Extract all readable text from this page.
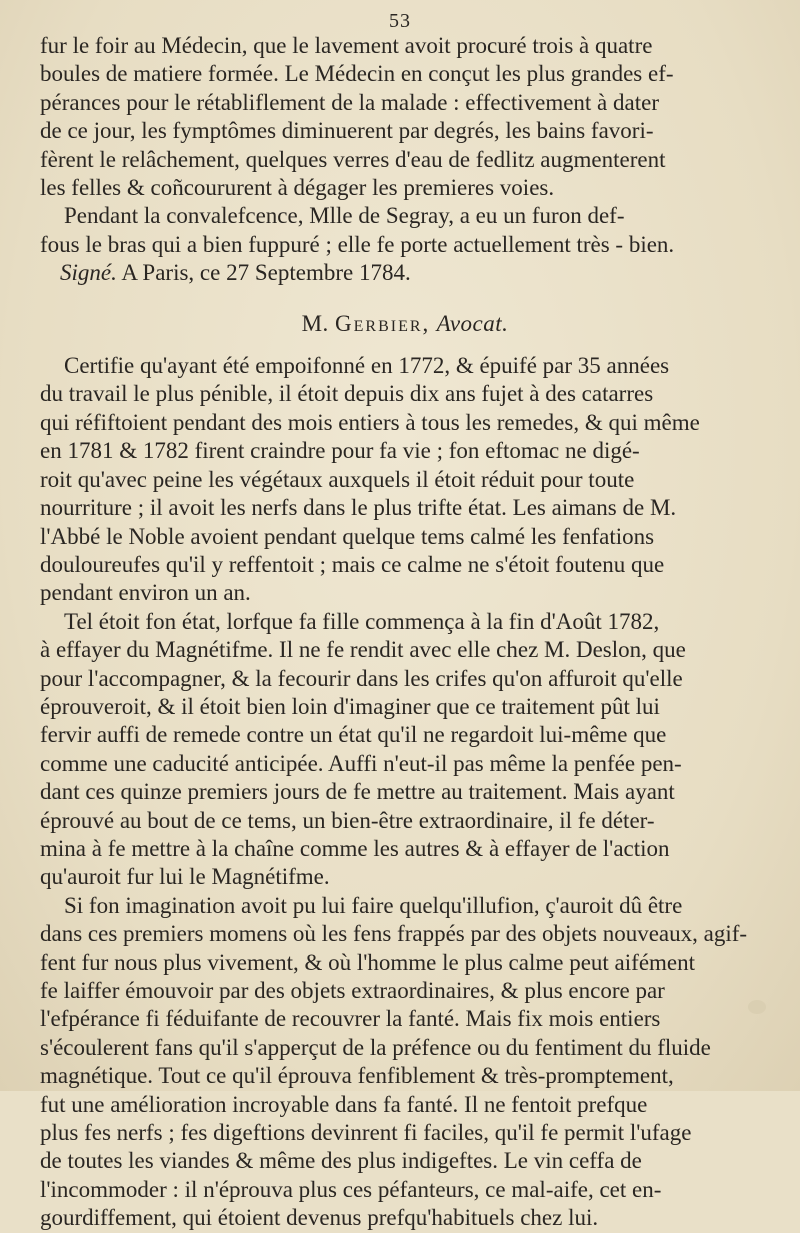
53

fur le foir au Médecin, que le lavement avoit procuré trois à quatre
boules de matiere formée. Le Médecin en conçut les plus grandes ef-
pérances pour le rétabliflement de la malade : effectivement à dater
de ce jour, les fymptômes diminuerent par degrés, les bains favori-
fèrent le relâchement, quelques verres d'eau de fedlitz augmenterent
les felles & coñcoururent à dégager les premieres voies.

Pendant la convalefcence, Mlle de Segray, a eu un furon def-
fous le bras qui a bien fuppuré ; elle fe porte actuellement très - bien.
Signé. A Paris, ce 27 Septembre 1784.

M. Gerbier, Avocat.

Certifie qu'ayant été empoifonné en 1772, & épuifé par 35 années
du travail le plus pénible, il étoit depuis dix ans fujet à des catarres
qui réfiftoient pendant des mois entiers à tous les remedes, & qui même
en 1781 & 1782 firent craindre pour fa vie ; fon eftomac ne digé-
roit qu'avec peine les végétaux auxquels il étoit réduit pour toute
nourriture ; il avoit les nerfs dans le plus trifte état. Les aimans de M.
l'Abbé le Noble avoient pendant quelque tems calmé les fenfations
douloureufes qu'il y reffentoit ; mais ce calme ne s'étoit foutenu que
pendant environ un an.

Tel étoit fon état, lorfque fa fille commença à la fin d'Août 1782,
à effayer du Magnétifme. Il ne fe rendit avec elle chez M. Deslon, que
pour l'accompagner, & la fecourir dans les crifes qu'on affuroit qu'elle
éprouveroit, & il étoit bien loin d'imaginer que ce traitement pût lui
fervir auffi de remede contre un état qu'il ne regardoit lui-même que
comme une caducité anticipée. Auffi n'eut-il pas même la penfée pen-
dant ces quinze premiers jours de fe mettre au traitement. Mais ayant
éprouvé au bout de ce tems, un bien-être extraordinaire, il fe déter-
mina à fe mettre à la chaîne comme les autres & à effayer de l'action
qu'auroit fur lui le Magnétifme.

Si fon imagination avoit pu lui faire quelqu'illufion, ç'auroit dû être
dans ces premiers momens où les fens frappés par des objets nouveaux, agif-
fent fur nous plus vivement, & où l'homme le plus calme peut aifément
fe laiffer émouvoir par des objets extraordinaires, & plus encore par
l'efpérance fi féduifante de recouvrer la fanté. Mais fix mois entiers
s'écoulerent fans qu'il s'apperçut de la préfence ou du fentiment du fluide
magnétique. Tout ce qu'il éprouva fenfiblement & très-promptement,
fut une amélioration incroyable dans fa fanté. Il ne fentoit prefque
plus fes nerfs ; fes digeftions devinrent fi faciles, qu'il fe permit l'ufage
de toutes les viandes & même des plus indigeftes. Le vin ceffa de
l'incommoder : il n'éprouva plus ces péfanteurs, ce mal-aife, cet en-
gourdiffement, qui étoient devenus prefqu'habituels chez lui.
